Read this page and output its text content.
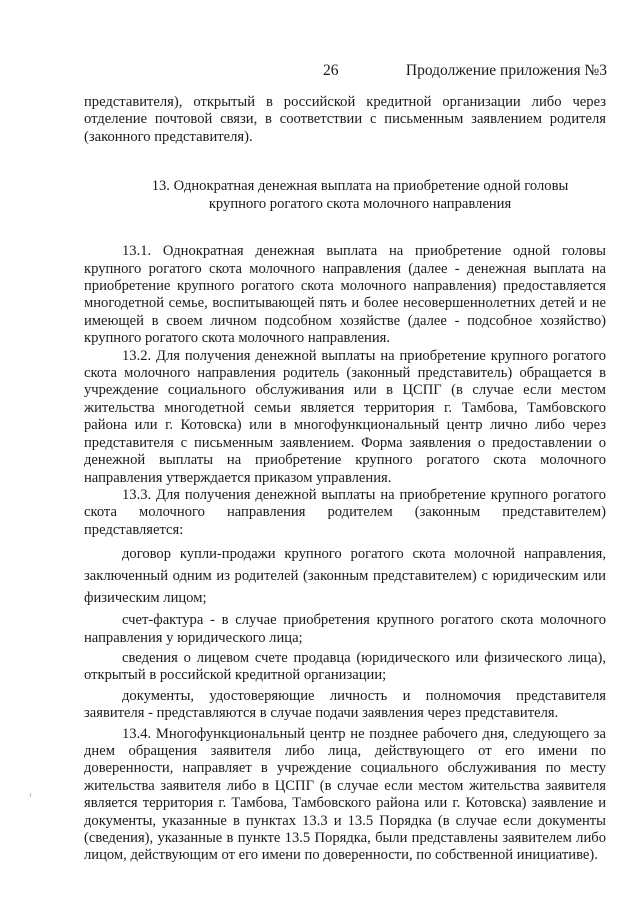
26	Продолжение приложения №3

представителя), открытый в российской кредитной организации либо через отделение почтовой связи, в соответствии с письменным заявлением родителя (законного представителя).

13. Однократная денежная выплата на приобретение одной головы
крупного рогатого скота молочного направления

13.1. Однократная денежная выплата на приобретение одной головы крупного рогатого скота молочного направления (далее - денежная выплата на приобретение крупного рогатого скота молочного направления) предоставляется многодетной семье, воспитывающей пять и более несовершеннолетних детей и не имеющей в своем личном подсобном хозяйстве (далее - подсобное хозяйство) крупного рогатого скота молочного направления.

13.2. Для получения денежной выплаты на приобретение крупного рогатого скота молочного направления родитель (законный представитель) обращается в учреждение социального обслуживания или в ЦСПГ (в случае если местом жительства многодетной семьи является территория г. Тамбова, Тамбовского района или г. Котовска) или в многофункциональный центр лично либо через представителя с письменным заявлением. Форма заявления о предоставлении о денежной выплаты на приобретение крупного рогатого скота молочного направления утверждается приказом управления.

13.3. Для получения денежной выплаты на приобретение крупного рогатого скота молочного направления родителем (законным представителем) представляется:

договор купли-продажи крупного рогатого скота молочной направления, заключенный одним из родителей (законным представителем) с юридическим или физическим лицом;

счет-фактура - в случае приобретения крупного рогатого скота молочного направления у юридического лица;

сведения о лицевом счете продавца (юридического или физического лица), открытый в российской кредитной организации;

документы, удостоверяющие личность и полномочия представителя заявителя - представляются в случае подачи заявления через представителя.

13.4. Многофункциональный центр не позднее рабочего дня, следующего за днем обращения заявителя либо лица, действующего от его имени по доверенности, направляет в учреждение социального обслуживания по месту жительства заявителя либо в ЦСПГ (в случае если местом жительства заявителя является территория г. Тамбова, Тамбовского района или г. Котовска) заявление и документы, указанные в пунктах 13.3 и 13.5 Порядка (в случае если документы (сведения), указанные в пункте 13.5 Порядка, были представлены заявителем либо лицом, действующим от его имени по доверенности, по собственной инициативе).
